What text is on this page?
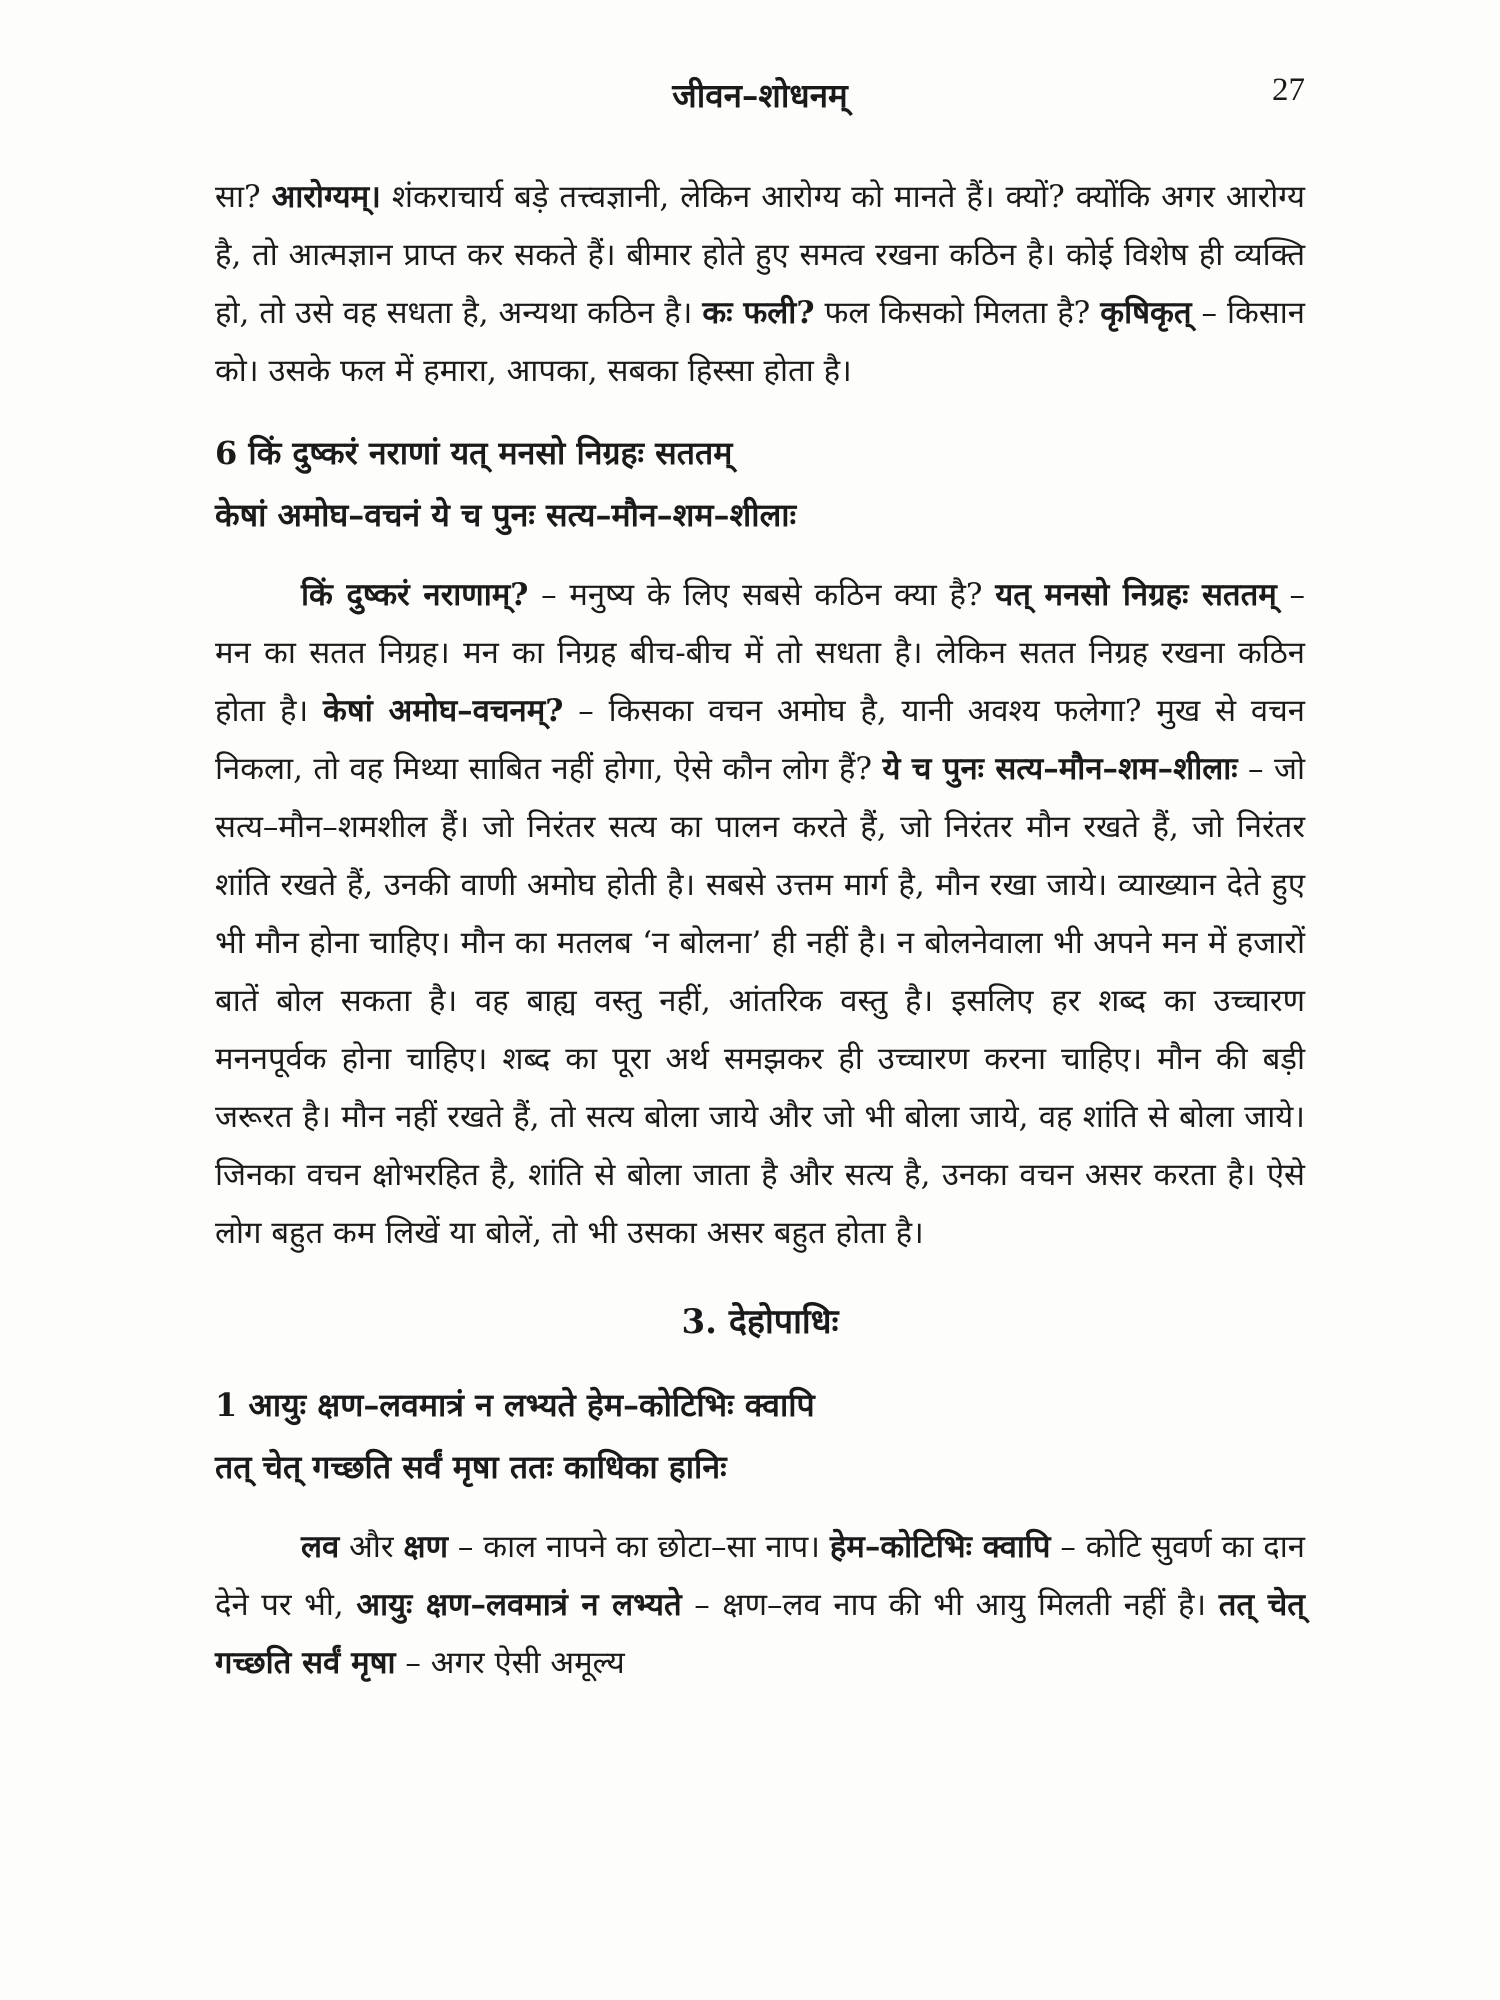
जीवन–शोधनम्	27

सा? आरोग्यम्। शंकराचार्य बड़े तत्त्वज्ञानी, लेकिन आरोग्य को मानते हैं। क्यों? क्योंकि अगर आरोग्य है, तो आत्मज्ञान प्राप्त कर सकते हैं। बीमार होते हुए समत्व रखना कठिन है। कोई विशेष ही व्यक्ति हो, तो उसे वह सधता है, अन्यथा कठिन है। कः फली? फल किसको मिलता है? कृषिकृत् – किसान को। उसके फल में हमारा, आपका, सबका हिस्सा होता है।

6 किं दुष्करं नराणां यत् मनसो निग्रहः सततम्
केषां अमोघ–वचनं ये च पुनः सत्य–मौन–शम–शीलाः

किं दुष्करं नराणाम्? – मनुष्य के लिए सबसे कठिन क्या है? यत् मनसो निग्रहः सततम् – मन का सतत निग्रह। मन का निग्रह बीच-बीच में तो सधता है। लेकिन सतत निग्रह रखना कठिन होता है। केषां अमोघ–वचनम्? – किसका वचन अमोघ है, यानी अवश्य फलेगा? मुख से वचन निकला, तो वह मिथ्या साबित नहीं होगा, ऐसे कौन लोग हैं? ये च पुनः सत्य–मौन–शम–शीलाः – जो सत्य–मौन–शमशील हैं। जो निरंतर सत्य का पालन करते हैं, जो निरंतर मौन रखते हैं, जो निरंतर शांति रखते हैं, उनकी वाणी अमोघ होती है। सबसे उत्तम मार्ग है, मौन रखा जाये। व्याख्यान देते हुए भी मौन होना चाहिए। मौन का मतलब ‘न बोलना’ ही नहीं है। न बोलनेवाला भी अपने मन में हजारों बातें बोल सकता है। वह बाह्य वस्तु नहीं, आंतरिक वस्तु है। इसलिए हर शब्द का उच्चारण मननपूर्वक होना चाहिए। शब्द का पूरा अर्थ समझकर ही उच्चारण करना चाहिए। मौन की बड़ी जरूरत है। मौन नहीं रखते हैं, तो सत्य बोला जाये और जो भी बोला जाये, वह शांति से बोला जाये। जिनका वचन क्षोभरहित है, शांति से बोला जाता है और सत्य है, उनका वचन असर करता है। ऐसे लोग बहुत कम लिखें या बोलें, तो भी उसका असर बहुत होता है।

3. देहोपाधिः
1 आयुः क्षण–लवमात्रं न लभ्यते हेम–कोटिभिः क्वापि
तत् चेत् गच्छति सर्वं मृषा ततः काधिका हानिः

लव और क्षण – काल नापने का छोटा–सा नाप। हेम–कोटिभिः क्वापि – कोटि सुवर्ण का दान देने पर भी, आयुः क्षण–लवमात्रं न लभ्यते – क्षण–लव नाप की भी आयु मिलती नहीं है। तत् चेत् गच्छति सर्वं मृषा – अगर ऐसी अमूल्य
